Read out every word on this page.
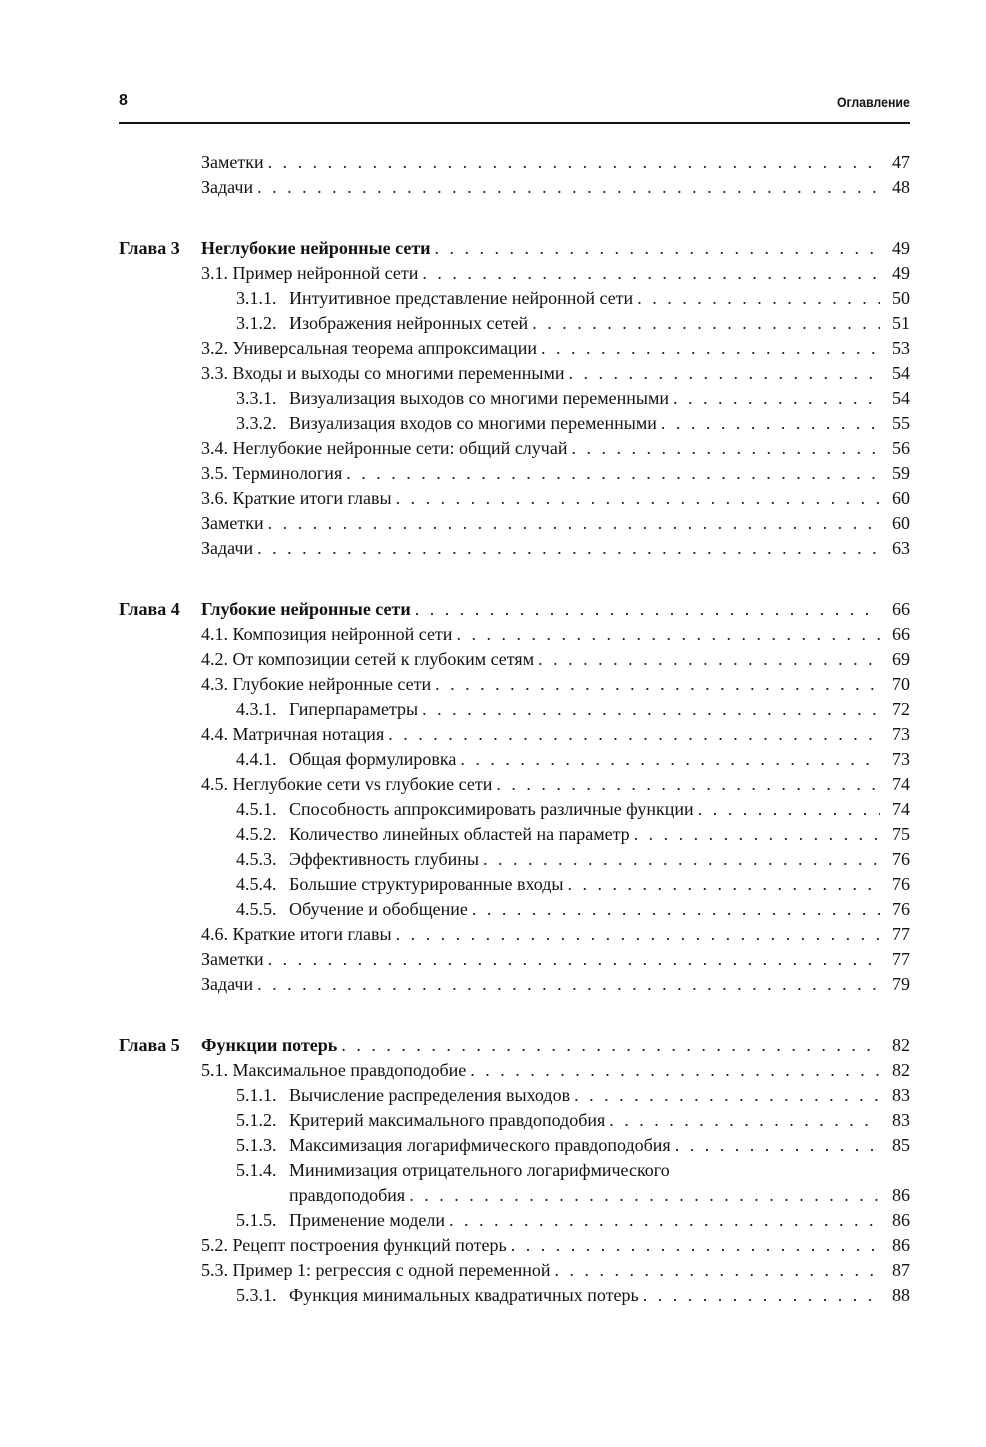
8	Оглавление
Заметки . . .	47
Задачи . . .	48
Глава 3 Неглубокие нейронные сети . . .	49
3.1. Пример нейронной сети . . .	49
3.1.1. Интуитивное представление нейронной сети . . .	50
3.1.2. Изображения нейронных сетей . . .	51
3.2. Универсальная теорема аппроксимации . . .	53
3.3. Входы и выходы со многими переменными . . .	54
3.3.1. Визуализация выходов со многими переменными . . .	54
3.3.2. Визуализация входов со многими переменными . . .	55
3.4. Неглубокие нейронные сети: общий случай . . .	56
3.5. Терминология . . .	59
3.6. Краткие итоги главы . . .	60
Заметки . . .	60
Задачи . . .	63
Глава 4 Глубокие нейронные сети . . .	66
4.1. Композиция нейронной сети . . .	66
4.2. От композиции сетей к глубоким сетям . . .	69
4.3. Глубокие нейронные сети . . .	70
4.3.1. Гиперпараметры . . .	72
4.4. Матричная нотация . . .	73
4.4.1. Общая формулировка . . .	73
4.5. Неглубокие сети vs глубокие сети . . .	74
4.5.1. Способность аппроксимировать различные функции . . .	74
4.5.2. Количество линейных областей на параметр . . .	75
4.5.3. Эффективность глубины . . .	76
4.5.4. Большие структурированные входы . . .	76
4.5.5. Обучение и обобщение . . .	76
4.6. Краткие итоги главы . . .	77
Заметки . . .	77
Задачи . . .	79
Глава 5 Функции потерь . . .	82
5.1. Максимальное правдоподобие . . .	82
5.1.1. Вычисление распределения выходов . . .	83
5.1.2. Критерий максимального правдоподобия . . .	83
5.1.3. Максимизация логарифмического правдоподобия . . .	85
5.1.4. Минимизация отрицательного логарифмического
правдоподобия . . .	86
5.1.5. Применение модели . . .	86
5.2. Рецепт построения функций потерь . . .	86
5.3. Пример 1: регрессия с одной переменной . . .	87
5.3.1. Функция минимальных квадратичных потерь . . .	88
